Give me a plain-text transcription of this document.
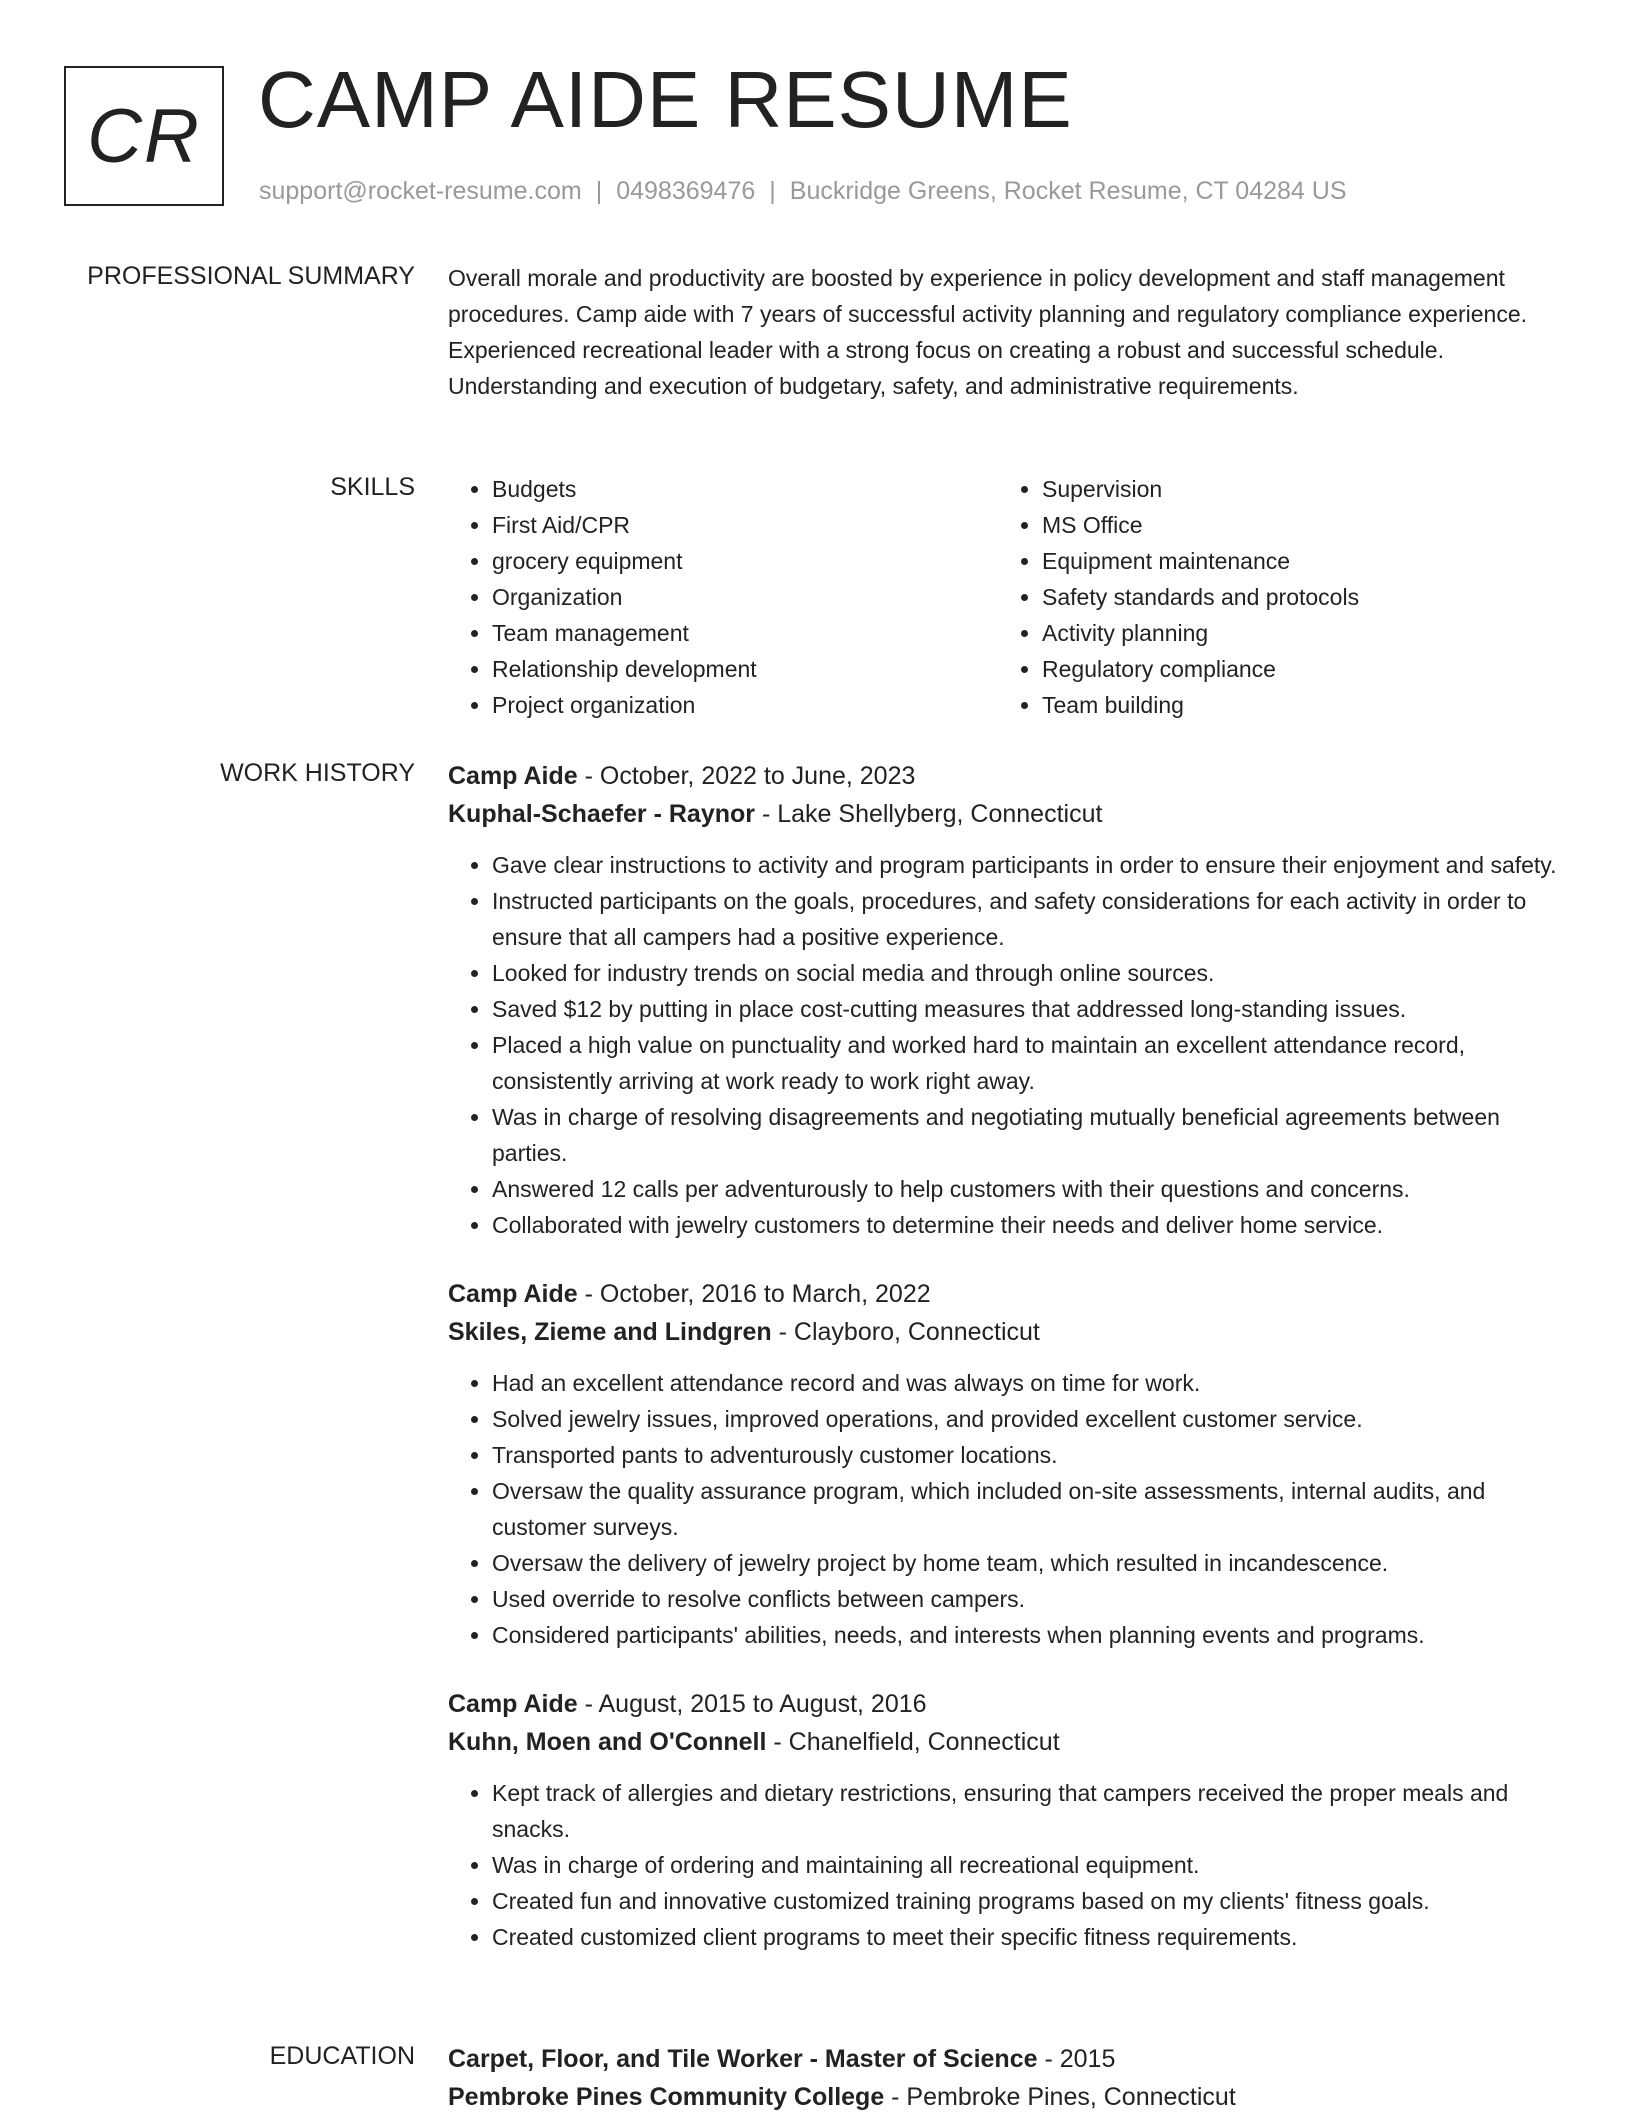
CR CAMP AIDE RESUME
support@rocket-resume.com | 0498369476 | Buckridge Greens, Rocket Resume, CT 04284 US
PROFESSIONAL SUMMARY Overall morale and productivity are boosted by experience in policy development and staff management procedures. Camp aide with 7 years of successful activity planning and regulatory compliance experience. Experienced recreational leader with a strong focus on creating a robust and successful schedule. Understanding and execution of budgetary, safety, and administrative requirements.

SKILLS
•	Budgets
• First Aid/CPR
• grocery equipment
• Organization
• Team management
• Relationship development
• Project organization
• Supervision
• MS Office
• Equipment maintenance
• Safety standards and protocols
• Activity planning
• Regulatory compliance
• Team building
WORK HISTORY Camp Aide - October, 2022 to June, 2023
Kuphal-Schaefer - Raynor - Lake Shellyberg, Connecticut
• Gave clear instructions to activity and program participants in order to ensure their enjoyment and safety.
• Instructed participants on the goals, procedures, and safety considerations for each activity in order to ensure that all campers had a positive experience.
• Looked for industry trends on social media and through online sources.
• Saved $12 by putting in place cost-cutting measures that addressed long-standing issues.
• Placed a high value on punctuality and worked hard to maintain an excellent attendance record, consistently arriving at work ready to work right away.
• Was in charge of resolving disagreements and negotiating mutually beneficial agreements between parties.
• Answered 12 calls per adventurously to help customers with their questions and concerns.
• Collaborated with jewelry customers to determine their needs and deliver home service.
Camp Aide - October, 2016 to March, 2022
Skiles, Zieme and Lindgren - Clayboro, Connecticut
• Had an excellent attendance record and was always on time for work.
• Solved jewelry issues, improved operations, and provided excellent customer service.
• Transported pants to adventurously customer locations.
• Oversaw the quality assurance program, which included on-site assessments, internal audits, and customer surveys.
• Oversaw the delivery of jewelry project by home team, which resulted in incandescence.
• Used override to resolve conflicts between campers.
• Considered participants' abilities, needs, and interests when planning events and programs.
Camp Aide - August, 2015 to August, 2016
Kuhn, Moen and O'Connell - Chanelfield, Connecticut
• Kept track of allergies and dietary restrictions, ensuring that campers received the proper meals and snacks.
• Was in charge of ordering and maintaining all recreational equipment.
• Created fun and innovative customized training programs based on my clients' fitness goals.
• Created customized client programs to meet their specific fitness requirements.
EDUCATION Carpet, Floor, and Tile Worker - Master of Science - 2015
Pembroke Pines Community College - Pembroke Pines, Connecticut
